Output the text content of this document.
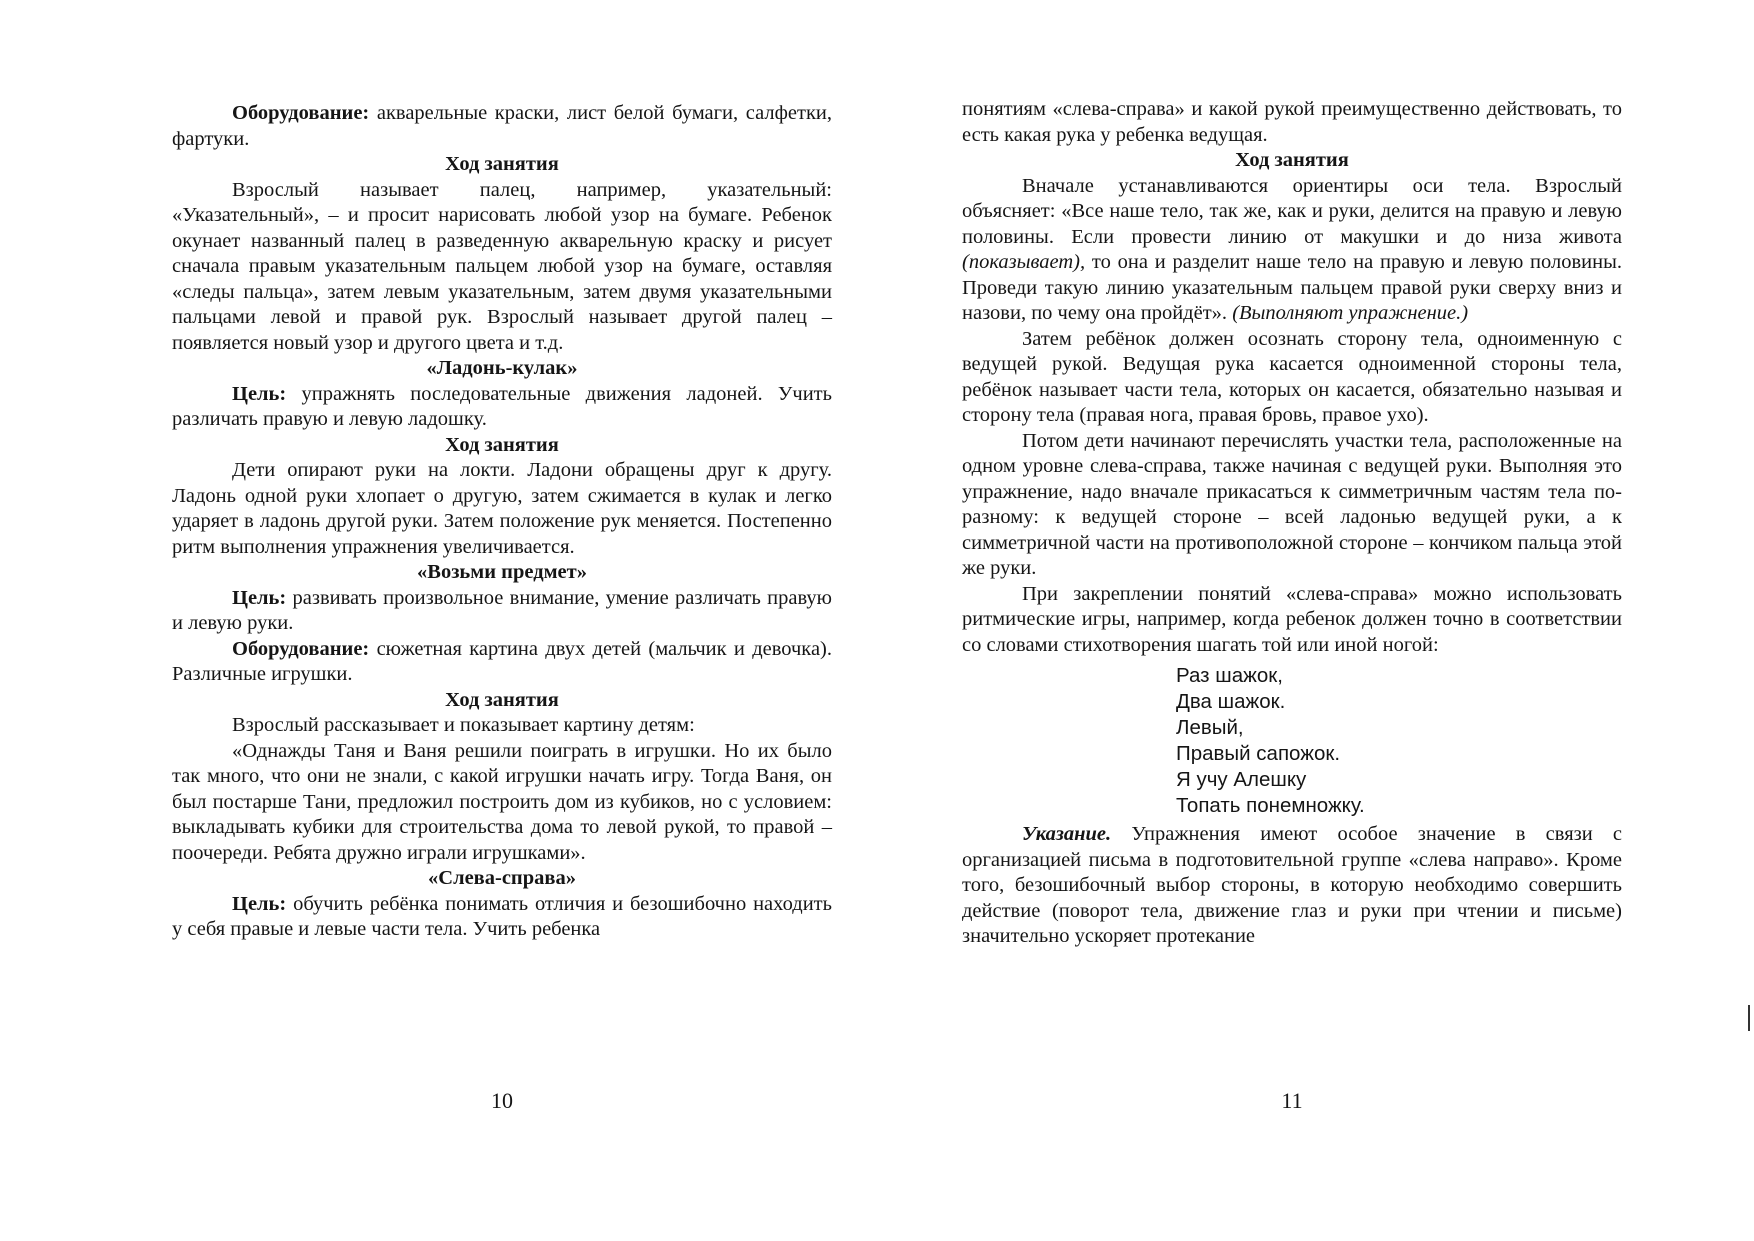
Оборудование: акварельные краски, лист белой бумаги, салфетки, фартуки.

Ход занятия

Взрослый называет палец, например, указательный: «Указательный», – и просит нарисовать любой узор на бумаге. Ребенок окунает названный палец в разведенную акварельную краску и рисует сначала правым указательным пальцем любой узор на бумаге, оставляя «следы пальца», затем левым указательным, затем двумя указательными пальцами левой и правой рук. Взрослый называет другой палец – появляется новый узор и другого цвета и т.д.

«Ладонь-кулак»

Цель: упражнять последовательные движения ладоней. Учить различать правую и левую ладошку.

Ход занятия

Дети опирают руки на локти. Ладони обращены друг к другу. Ладонь одной руки хлопает о другую, затем сжимается в кулак и легко ударяет в ладонь другой руки. Затем положение рук меняется. Постепенно ритм выполнения упражнения увеличивается.

«Возьми предмет»

Цель: развивать произвольное внимание, умение различать правую и левую руки.

Оборудование: сюжетная картина двух детей (мальчик и девочка). Различные игрушки.

Ход занятия

Взрослый рассказывает и показывает картину детям:

«Однажды Таня и Ваня решили поиграть в игрушки. Но их было так много, что они не знали, с какой игрушки начать игру. Тогда Ваня, он был постарше Тани, предложил построить дом из кубиков, но с условием: выкладывать кубики для строительства дома то левой рукой, то правой – поочереди. Ребята дружно играли игрушками».

«Слева-справа»

Цель: обучить ребёнка понимать отличия и безошибочно находить у себя правые и левые части тела. Учить ребенка

10

понятиям «слева-справа» и какой рукой преимущественно действовать, то есть какая рука у ребенка ведущая.

Ход занятия

Вначале устанавливаются ориентиры оси тела. Взрослый объясняет: «Все наше тело, так же, как и руки, делится на правую и левую половины. Если провести линию от макушки и до низа живота (показывает), то она и разделит наше тело на правую и левую половины. Проведи такую линию указательным пальцем правой руки сверху вниз и назови, по чему она пройдёт». (Выполняют упражнение.)

Затем ребёнок должен осознать сторону тела, одноименную с ведущей рукой. Ведущая рука касается одноименной стороны тела, ребёнок называет части тела, которых он касается, обязательно называя и сторону тела (правая нога, правая бровь, правое ухо).

Потом дети начинают перечислять участки тела, расположенные на одном уровне слева-справа, также начиная с ведущей руки. Выполняя это упражнение, надо вначале прикасаться к симметричным частям тела по-разному: к ведущей стороне – всей ладонью ведущей руки, а к симметричной части на противоположной стороне – кончиком пальца этой же руки.

При закреплении понятий «слева-справа» можно использовать ритмические игры, например, когда ребенок должен точно в соответствии со словами стихотворения шагать той или иной ногой:

Раз шажок,
Два шажок.
Левый,
Правый сапожок.
Я учу Алешку
Топать понемножку.

Указание. Упражнения имеют особое значение в связи с организацией письма в подготовительной группе «слева направо». Кроме того, безошибочный выбор стороны, в которую необходимо совершить действие (поворот тела, движение глаз и руки при чтении и письме) значительно ускоряет протекание

11
